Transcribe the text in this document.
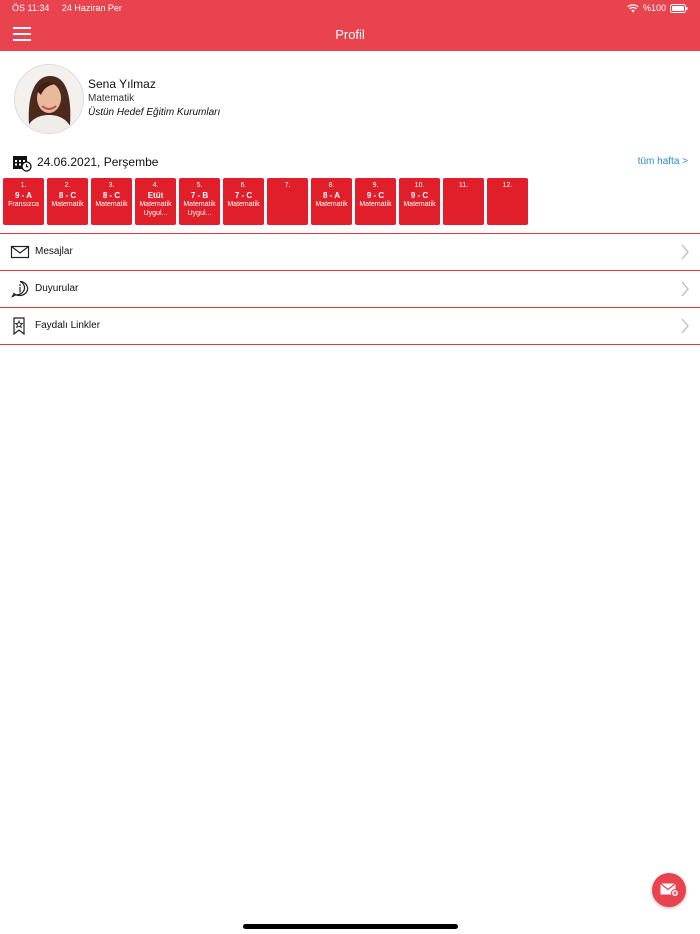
ÖS 11:34 24 Haziran Per	%100
Profil
Sena Yılmaz
Matematik
Üstün Hedef Eğitim Kurumları
24.06.2021, Perşembe	tüm hafta >
1.
9 - A
Fransızca
2.
8 - C
Matematik
3.
8 - C
Matematik
4.
Etüt
Matematik Uygul...
5.
7 - B
Matematik Uygul...
6.
7 - C
Matematik
7.	8.
8 - A
Matematik
9.
9 - C
Matematik
10.
9 - C
Matematik
11.	12.
Mesajlar
Duyurular
Faydalı Linkler
